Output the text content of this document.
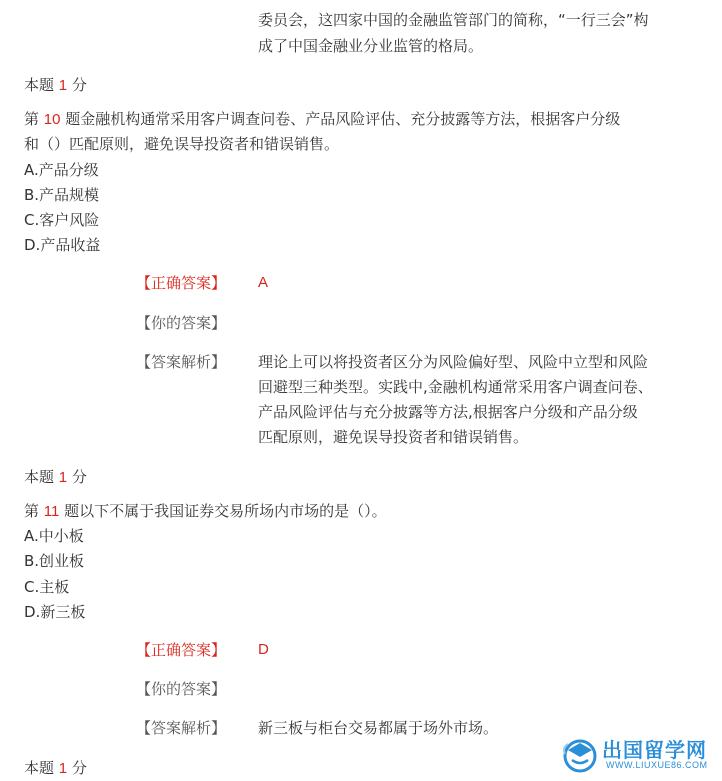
委员会，这四家中国的金融监管部门的简称，“一行三会”构
成了中国金融业分业监管的格局。
本题 1 分
第 10 题金融机构通常采用客户调查问卷、产品风险评估、充分披露等方法，根据客户分级
和（）匹配原则，避免误导投资者和错误销售。
A.产品分级
B.产品规模
C.客户风险
D.产品收益
【正确答案】 A
【你的答案】
【答案解析】 理论上可以将投资者区分为风险偏好型、风险中立型和风险
回避型三种类型。实践中,金融机构通常采用客户调查问卷、
产品风险评估与充分披露等方法,根据客户分级和产品分级
匹配原则，避免误导投资者和错误销售。
本题 1 分
第 11 题以下不属于我国证券交易所场内市场的是（）。
A.中小板
B.创业板
C.主板
D.新三板
【正确答案】 D
【你的答案】
【答案解析】 新三板与柜台交易都属于场外市场。
本题 1 分
出国留学网
WWW.LIUXUE86.COM
